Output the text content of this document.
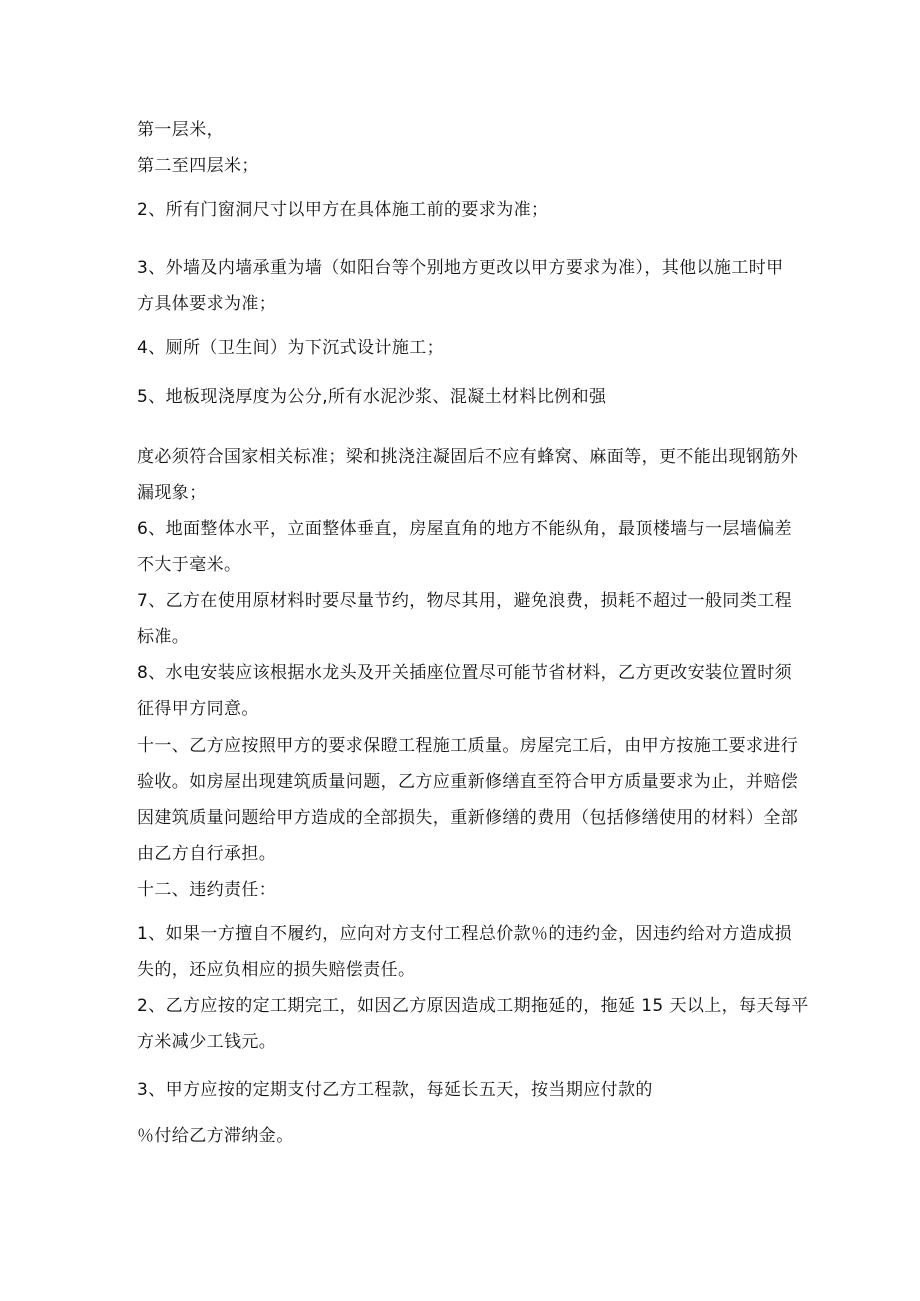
第一层米，
第二至四层米；
2、所有门窗洞尺寸以甲方在具体施工前的要求为准；
3、外墙及内墙承重为墙（如阳台等个别地方更改以甲方要求为准），其他以施工时甲
方具体要求为准；
4、厕所（卫生间）为下沉式设计施工；
5、地板现浇厚度为公分,所有水泥沙浆、混凝土材料比例和强
度必须符合国家相关标准；梁和挑浇注凝固后不应有蜂窝、麻面等，更不能出现钢筋外
漏现象；
6、地面整体水平，立面整体垂直，房屋直角的地方不能纵角，最顶楼墙与一层墙偏差
不大于毫米。
7、乙方在使用原材料时要尽量节约，物尽其用，避免浪费，损耗不超过一般同类工程
标准。
8、水电安装应该根据水龙头及开关插座位置尽可能节省材料，乙方更改安装位置时须
征得甲方同意。
十一、乙方应按照甲方的要求保瞪工程施工质量。房屋完工后，由甲方按施工要求进行
验收。如房屋出现建筑质量问题，乙方应重新修缮直至符合甲方质量要求为止，并赔偿
因建筑质量问题给甲方造成的全部损失，重新修缮的费用（包括修缮使用的材料）全部
由乙方自行承担。
十二、违约责任：
1、如果一方擅自不履约，应向对方支付工程总价款％的违约金，因违约给对方造成损
失的，还应负相应的损失赔偿责任。
2、乙方应按的定工期完工，如因乙方原因造成工期拖延的，拖延 15 天以上，每天每平
方米减少工钱元。
3、甲方应按的定期支付乙方工程款，每延长五天，按当期应付款的
％付给乙方滞纳金。
